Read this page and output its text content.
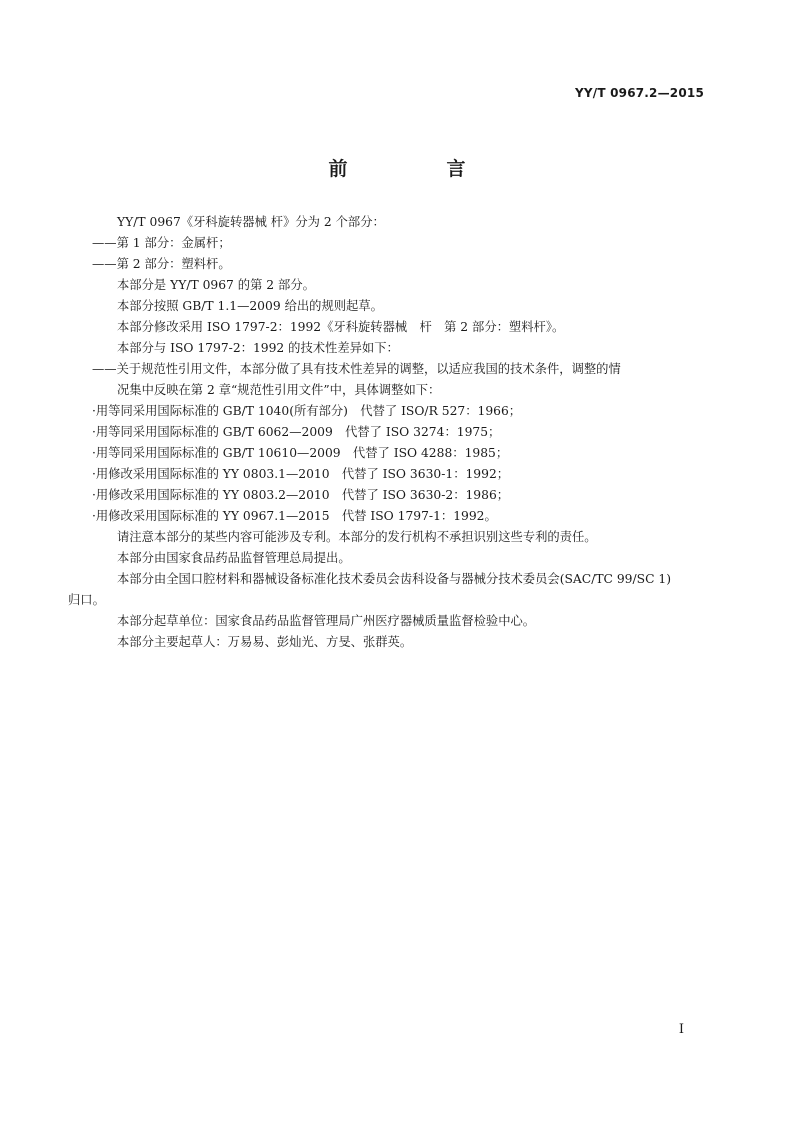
YY/T 0967.2—2015
前　言

YY/T 0967《牙科旋转器械 杆》分为 2 个部分：

——第 1 部分：金属杆；

——第 2 部分：塑料杆。

本部分是 YY/T 0967 的第 2 部分。

本部分按照 GB/T 1.1—2009 给出的规则起草。

本部分修改采用 ISO 1797-2：1992《牙科旋转器械　杆　第 2 部分：塑料杆》。

本部分与 ISO 1797-2：1992 的技术性差异如下：

——关于规范性引用文件，本部分做了具有技术性差异的调整，以适应我国的技术条件，调整的情

况集中反映在第 2 章“规范性引用文件”中，具体调整如下：

·用等同采用国际标准的 GB/T 1040(所有部分)　代替了 ISO/R 527：1966；

·用等同采用国际标准的 GB/T 6062—2009　代替了 ISO 3274：1975；

·用等同采用国际标准的 GB/T 10610—2009　代替了 ISO 4288：1985；

·用修改采用国际标准的 YY 0803.1—2010　代替了 ISO 3630-1：1992；

·用修改采用国际标准的 YY 0803.2—2010　代替了 ISO 3630-2：1986；

·用修改采用国际标准的 YY 0967.1—2015　代替 ISO 1797-1：1992。

请注意本部分的某些内容可能涉及专利。本部分的发行机构不承担识别这些专利的责任。

本部分由国家食品药品监督管理总局提出。

本部分由全国口腔材料和器械设备标准化技术委员会齿科设备与器械分技术委员会(SAC/TC 99/SC 1)

归口。

本部分起草单位：国家食品药品监督管理局广州医疗器械质量监督检验中心。

本部分主要起草人：万易易、彭灿光、方旻、张群英。

I
